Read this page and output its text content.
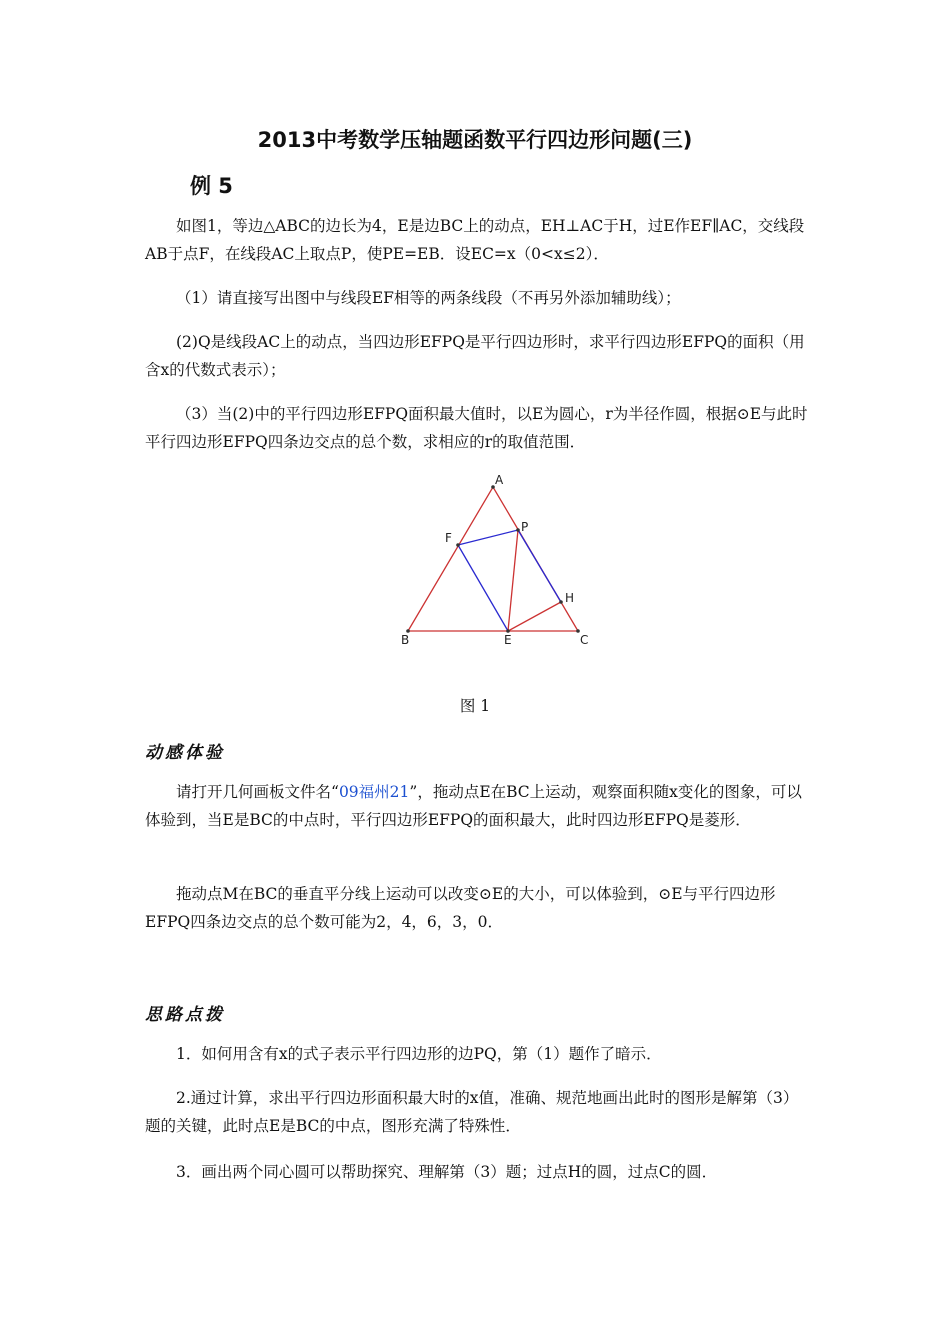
2013中考数学压轴题函数平行四边形问题(三)
例 5
如图1，等边△ABC的边长为4，E是边BC上的动点，EH⊥AC于H，过E作EF∥AC，交线段AB于点F，在线段AC上取点P，使PE=EB．设EC=x（0<x≤2）．
（1）请直接写出图中与线段EF相等的两条线段（不再另外添加辅助线）；
(2)Q是线段AC上的动点，当四边形EFPQ是平行四边形时，求平行四边形EFPQ的面积（用含x的代数式表示）；
（3）当(2)中的平行四边形EFPQ面积最大值时，以E为圆心，r为半径作圆，根据⊙E与此时平行四边形EFPQ四条边交点的总个数，求相应的r的取值范围．
A
B	C
E
F
P
H
图 1
动感体验
请打开几何画板文件名“09福州21”，拖动点E在BC上运动，观察面积随x变化的图象，可以体验到，当E是BC的中点时，平行四边形EFPQ的面积最大，此时四边形EFPQ是菱形．
拖动点M在BC的垂直平分线上运动可以改变⊙E的大小，可以体验到，⊙E与平行四边形EFPQ四条边交点的总个数可能为2，4，6，3，0．
思路点拨
1．如何用含有x的式子表示平行四边形的边PQ，第（1）题作了暗示．
2.通过计算，求出平行四边形面积最大时的x值，准确、规范地画出此时的图形是解第（3）题的关键，此时点E是BC的中点，图形充满了特殊性．
3．画出两个同心圆可以帮助探究、理解第（3）题；过点H的圆，过点C的圆．
